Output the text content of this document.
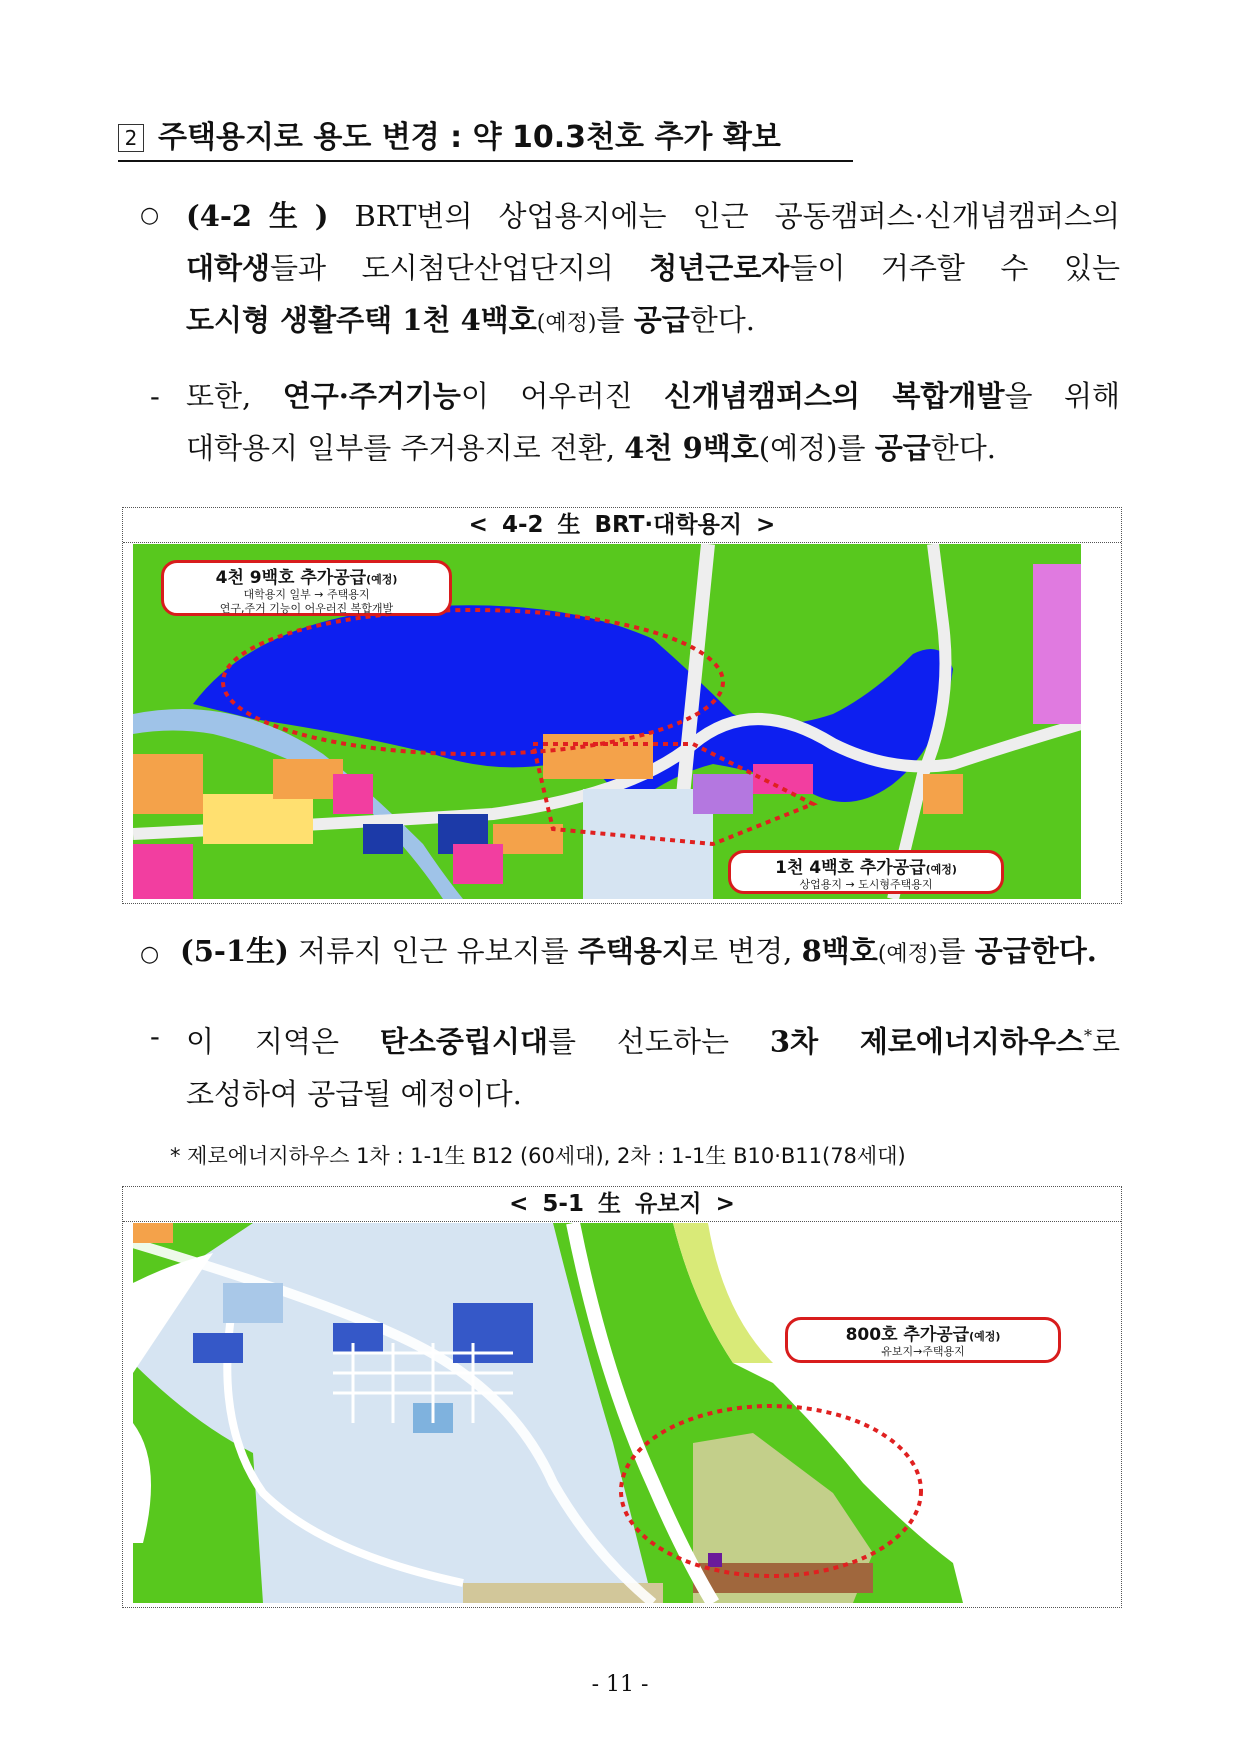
2 주택용지로 용도 변경 : 약 10.3천호 추가 확보
○ (4-2生) BRT변의 상업용지에는 인근 공동캠퍼스·신개념캠퍼스의
대학생들과 도시첨단산업단지의 청년근로자들이 거주할 수 있는
도시형 생활주택 1천 4백호(예정)를 공급한다.
- 또한, 연구·주거기능이 어우러진 신개념캠퍼스의 복합개발을 위해
대학용지 일부를 주거용지로 전환, 4천 9백호(예정)를 공급한다.
< 4-2 生 BRT·대학용지 >
4천 9백호 추가공급(예정)
대학용지 일부 → 주택용지
연구,주거 기능이 어우러진 복합개발
1천 4백호 추가공급(예정)
상업용지 → 도시형주택용지
○ (5-1生) 저류지 인근 유보지를 주택용지로 변경, 8백호(예정)를 공급한다.
- 이 지역은 탄소중립시대를 선도하는 3차 제로에너지하우스*로
조성하여 공급될 예정이다.
* 제로에너지하우스 1차 : 1-1生 B12 (60세대), 2차 : 1-1生 B10·B11(78세대)
< 5-1 生 유보지 >
800호 추가공급(예정)
유보지→주택용지
- 11 -
